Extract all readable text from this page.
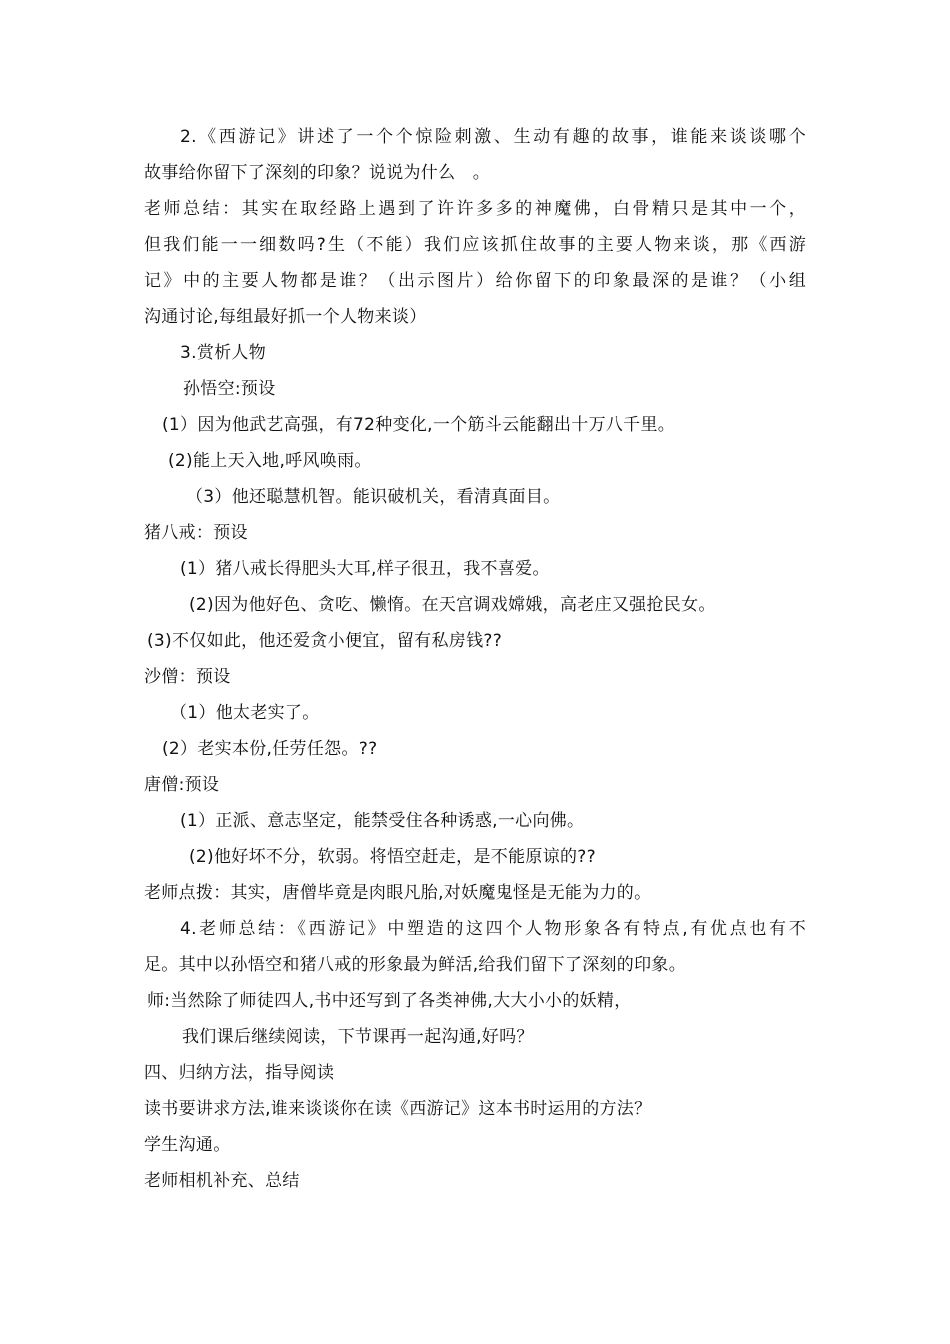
2.《西游记》讲述了一个个惊险刺激、生动有趣的故事，谁能来谈谈哪个
故事给你留下了深刻的印象？说说为什么　。
老师总结：其实在取经路上遇到了许许多多的神魔佛，白骨精只是其中一个，
但我们能一一细数吗?生（不能）我们应该抓住故事的主要人物来谈，那《西游
记》中的主要人物都是谁？（出示图片）给你留下的印象最深的是谁？（小组
沟通讨论,每组最好抓一个人物来谈）
3.赏析人物
孙悟空:预设
(1）因为他武艺高强，有72种变化,一个筋斗云能翻出十万八千里。
(2)能上天入地,呼风唤雨。
（3）他还聪慧机智。能识破机关，看清真面目。
猪八戒：预设
(1）猪八戒长得肥头大耳,样子很丑，我不喜爱。
(2)因为他好色、贪吃、懒惰。在天宫调戏嫦娥，高老庄又强抢民女。
(3)不仅如此，他还爱贪小便宜，留有私房钱??
沙僧：预设
（1）他太老实了。
(2）老实本份,任劳任怨。??
唐僧:预设
(1）正派、意志坚定，能禁受住各种诱惑,一心向佛。
(2)他好坏不分，软弱。将悟空赶走，是不能原谅的??
老师点拨：其实，唐僧毕竟是肉眼凡胎,对妖魔鬼怪是无能为力的。
4.老师总结：《西游记》中塑造的这四个人物形象各有特点,有优点也有不
足。其中以孙悟空和猪八戒的形象最为鲜活,给我们留下了深刻的印象。
师:当然除了师徒四人,书中还写到了各类神佛,大大小小的妖精，
我们课后继续阅读，下节课再一起沟通,好吗？
四、归纳方法，指导阅读
读书要讲求方法,谁来谈谈你在读《西游记》这本书时运用的方法？
学生沟通。
老师相机补充、总结
